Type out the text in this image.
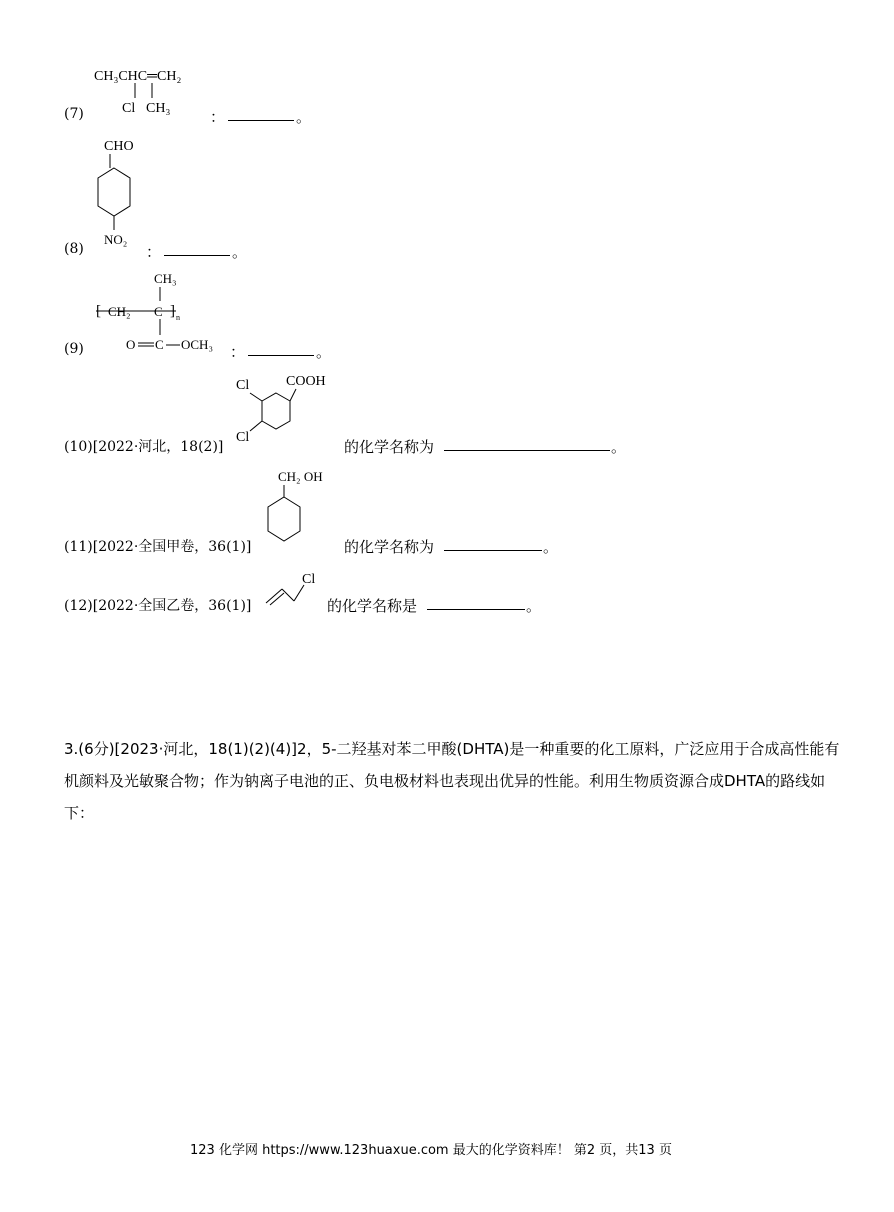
(7)
CH₃CHC═CH₂
Cl CH₃	：	。
(8)
CHO
NO₂
：	。
(9)
CH₃
[ CH₂ C ] n
O C OCH₃ ：	。
(10)[2022·河北，18(2)]
Cl	COOH
Cl
的化学名称为	。
(11)[2022·全国甲卷，36(1)]
CH₂ OH
的化学名称为	。
(12)[2022·全国乙卷，36(1)]
Cl
的化学名称是	。
3.(6分)[2023·河北，18(1)(2)(4)]2，5-二羟基对苯二甲酸(DHTA)是一种重要的化工原料，广泛应用于合成高性能有机颜料及光敏聚合物；作为钠离子电池的正、负电极材料也表现出优异的性能。利用生物质资源合成DHTA的路线如下：
123 化学网 https://www.123huaxue.com 最大的化学资料库！ 第2 页，共13 页
